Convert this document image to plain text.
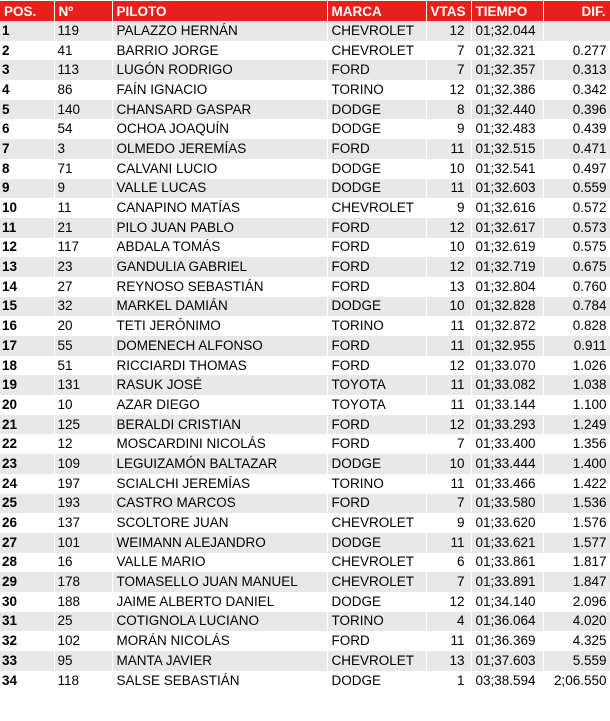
POS.	Nº	PILOTO	MARCA	VTAS	TIEMPO	DIF.
1	119	PALAZZO HERNÁN	CHEVROLET	12	01;32.044	
2	41	BARRIO JORGE	CHEVROLET	7	01;32.321	0.277
3	113	LUGÓN RODRIGO	FORD	7	01;32.357	0.313
4	86	FAÍN IGNACIO	TORINO	12	01;32.386	0.342
5	140	CHANSARD GASPAR	DODGE	8	01;32.440	0.396
6	54	OCHOA JOAQUÍN	DODGE	9	01;32.483	0.439
7	3	OLMEDO JEREMÍAS	FORD	11	01;32.515	0.471
8	71	CALVANI LUCIO	DODGE	10	01;32.541	0.497
9	9	VALLE LUCAS	DODGE	11	01;32.603	0.559
10	11	CANAPINO MATÍAS	CHEVROLET	9	01;32.616	0.572
11	21	PILO JUAN PABLO	FORD	12	01;32.617	0.573
12	117	ABDALA TOMÁS	FORD	10	01;32.619	0.575
13	23	GANDULIA GABRIEL	FORD	12	01;32.719	0.675
14	27	REYNOSO SEBASTIÁN	FORD	13	01;32.804	0.760
15	32	MARKEL DAMIÁN	DODGE	10	01;32.828	0.784
16	20	TETI JERÓNIMO	TORINO	11	01;32.872	0.828
17	55	DOMENECH ALFONSO	FORD	11	01;32.955	0.911
18	51	RICCIARDI THOMAS	FORD	12	01;33.070	1.026
19	131	RASUK JOSÉ	TOYOTA	11	01;33.082	1.038
20	10	AZAR DIEGO	TOYOTA	11	01;33.144	1.100
21	125	BERALDI CRISTIAN	FORD	12	01;33.293	1.249
22	12	MOSCARDINI NICOLÁS	FORD	7	01;33.400	1.356
23	109	LEGUIZAMÓN BALTAZAR	DODGE	10	01;33.444	1.400
24	197	SCIALCHI JEREMÍAS	TORINO	11	01;33.466	1.422
25	193	CASTRO MARCOS	FORD	7	01;33.580	1.536
26	137	SCOLTORE JUAN	CHEVROLET	9	01;33.620	1.576
27	101	WEIMANN ALEJANDRO	DODGE	11	01;33.621	1.577
28	16	VALLE MARIO	CHEVROLET	6	01;33.861	1.817
29	178	TOMASELLO JUAN MANUEL	CHEVROLET	7	01;33.891	1.847
30	188	JAIME ALBERTO DANIEL	DODGE	12	01;34.140	2.096
31	25	COTIGNOLA LUCIANO	TORINO	4	01;36.064	4.020
32	102	MORÁN NICOLÁS	FORD	11	01;36.369	4.325
33	95	MANTA JAVIER	CHEVROLET	13	01;37.603	5.559
34	118	SALSE SEBASTIÁN	DODGE	1	03;38.594	2;06.550
